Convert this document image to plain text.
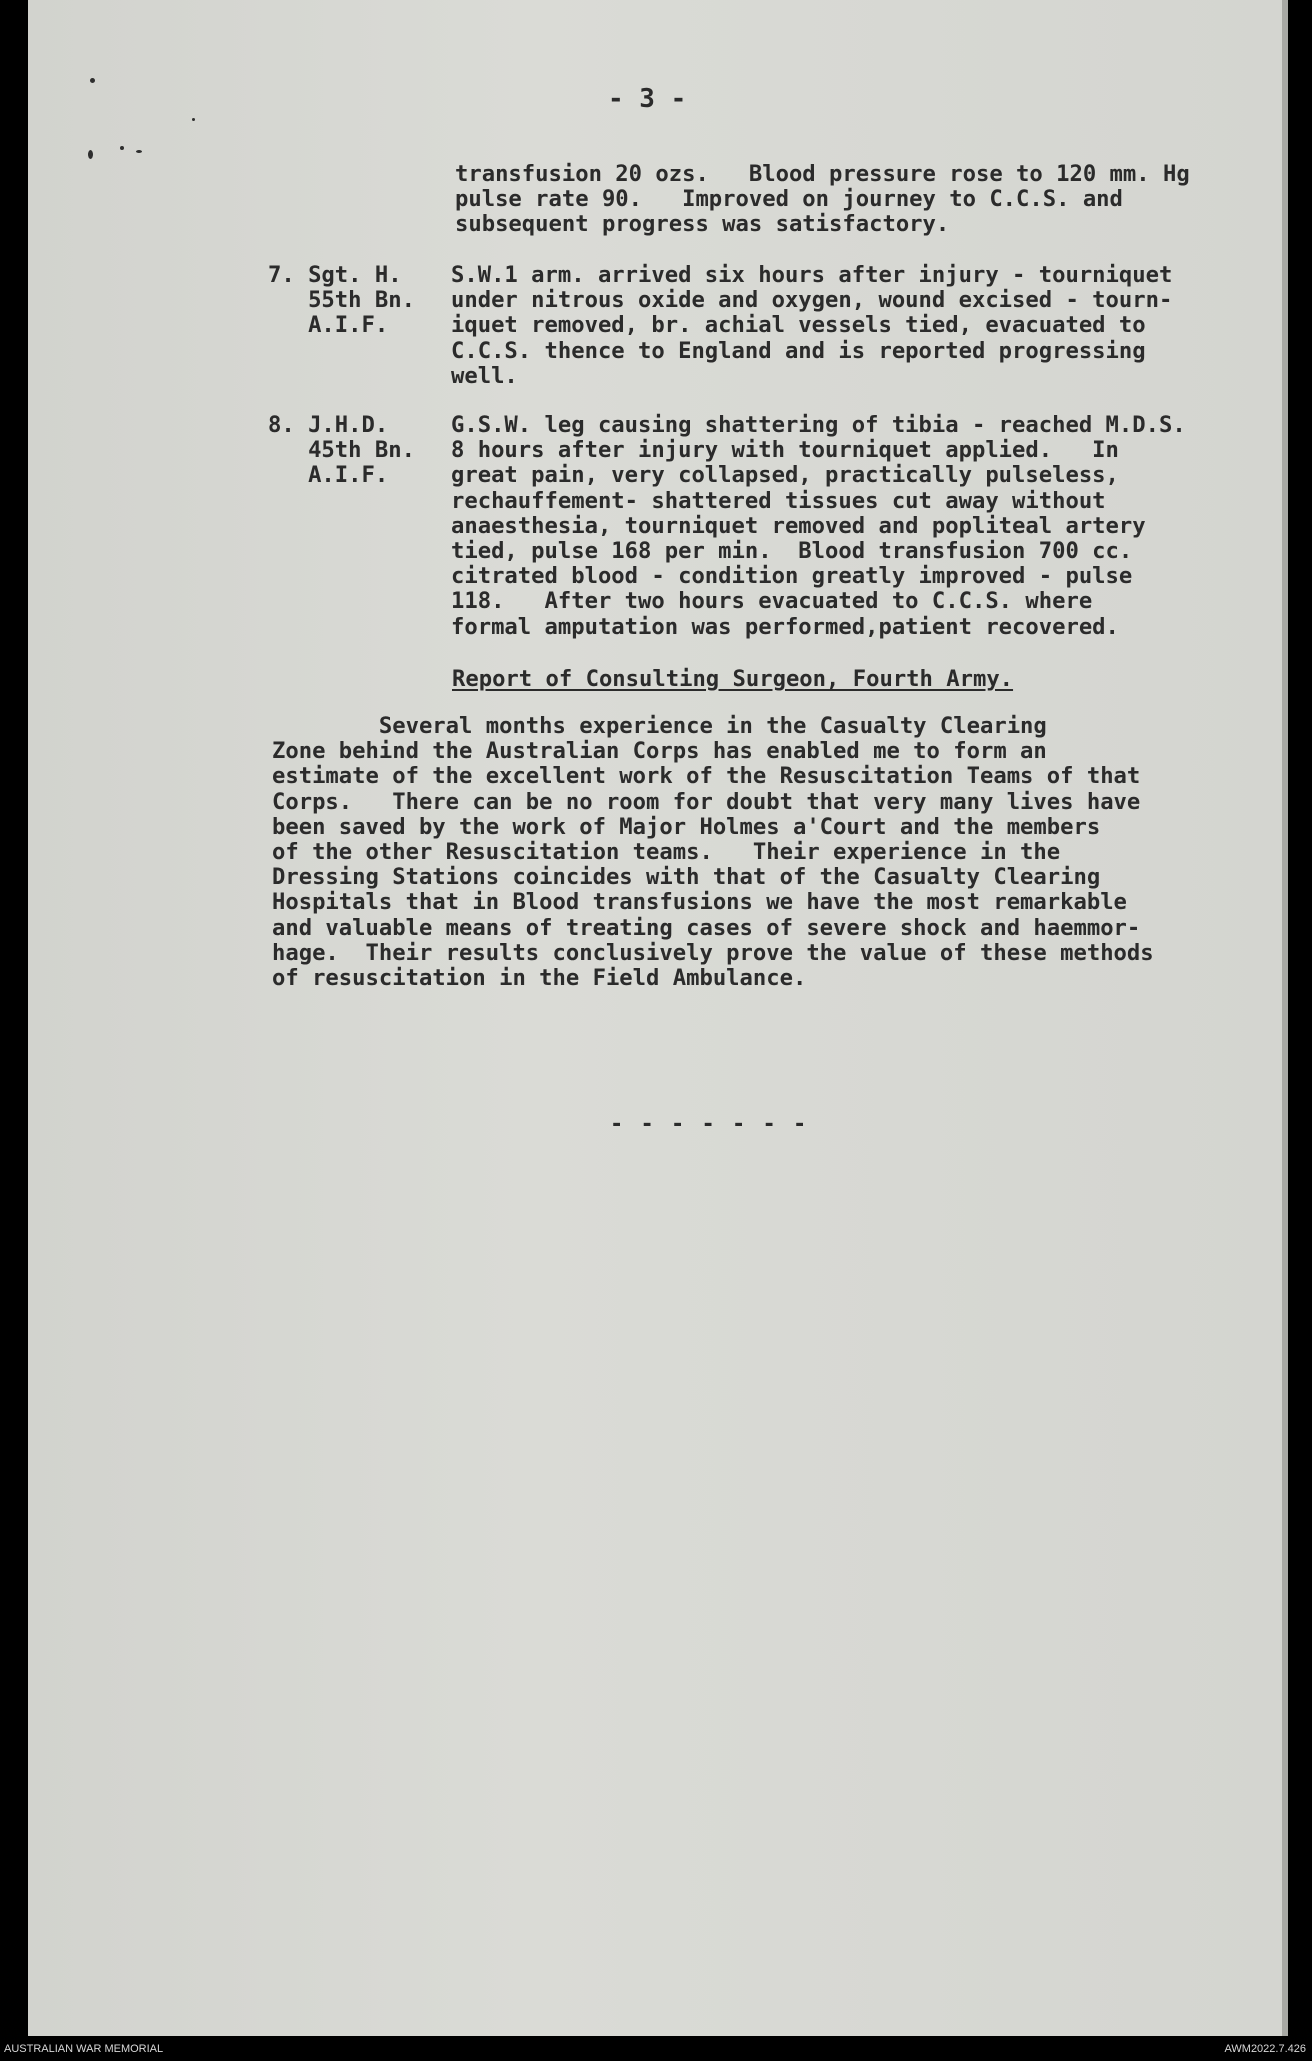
- 3 -
transfusion 20 ozs.   Blood pressure rose to 120 mm. Hg
pulse rate 90.   Improved on journey to C.C.S. and
subsequent progress was satisfactory.
7. Sgt. H.
55th Bn.
A.I.F.
S.W.1 arm. arrived six hours after injury - tourniquet
under nitrous oxide and oxygen, wound excised - tourn-
iquet removed, br. achial vessels tied, evacuated to
C.C.S. thence to England and is reported progressing
well.
8. J.H.D.
45th Bn.
A.I.F.
G.S.W. leg causing shattering of tibia - reached M.D.S.
8 hours after injury with tourniquet applied.   In
great pain, very collapsed, practically pulseless,
rechauffement- shattered tissues cut away without
anaesthesia, tourniquet removed and popliteal artery
tied, pulse 168 per min.  Blood transfusion 700 cc.
citrated blood - condition greatly improved - pulse
118.   After two hours evacuated to C.C.S. where
formal amputation was performed,patient recovered.
Report of Consulting Surgeon, Fourth Army.
Several months experience in the Casualty Clearing
Zone behind the Australian Corps has enabled me to form an
estimate of the excellent work of the Resuscitation Teams of that
Corps.   There can be no room for doubt that very many lives have
been saved by the work of Major Holmes a'Court and the members
of the other Resuscitation teams.   Their experience in the
Dressing Stations coincides with that of the Casualty Clearing
Hospitals that in Blood transfusions we have the most remarkable
and valuable means of treating cases of severe shock and haemmor-
hage.  Their results conclusively prove the value of these methods
of resuscitation in the Field Ambulance.
- - - - - - -
AUSTRALIAN WAR MEMORIAL	AWM2022.7.426
